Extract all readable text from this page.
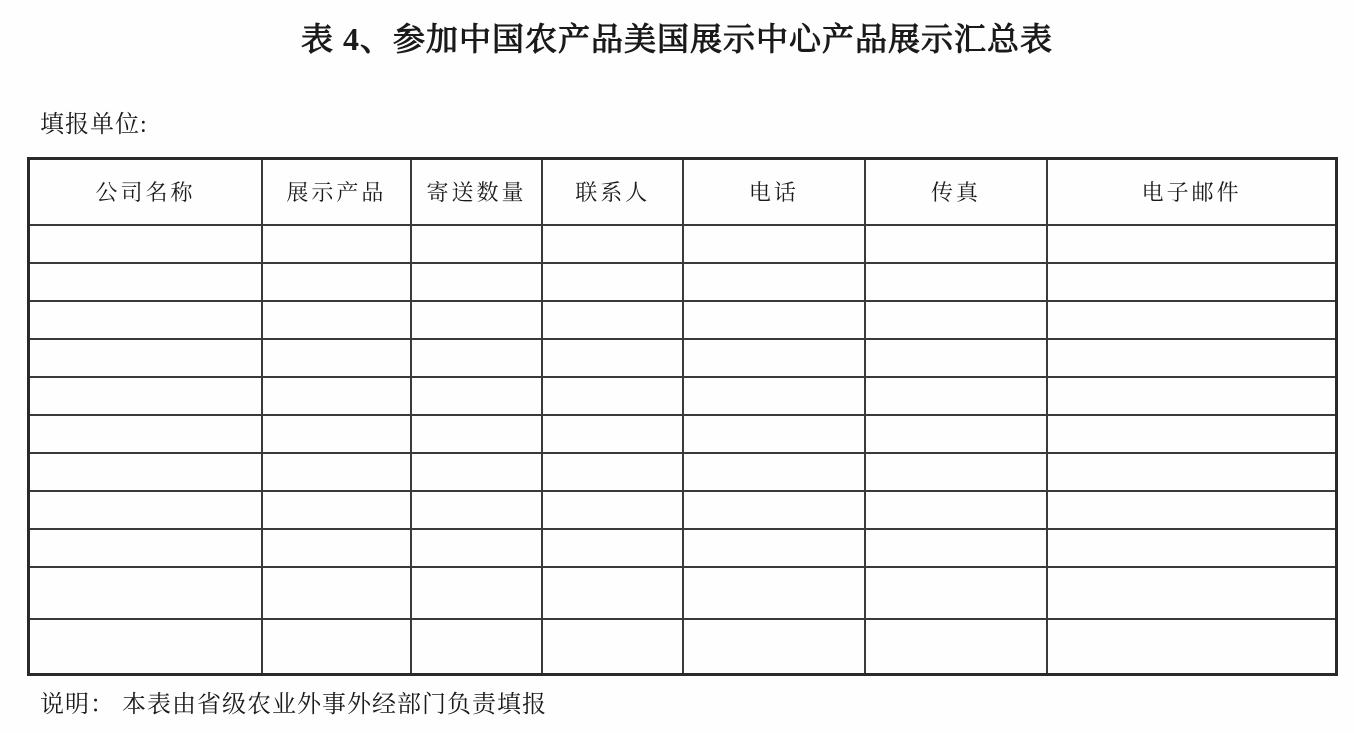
表 4、参加中国农产品美国展示中心产品展示汇总表
填报单位:
公司名称	展示产品	寄送数量	联系人	电话	传真	电子邮件

说明： 本表由省级农业外事外经部门负责填报
